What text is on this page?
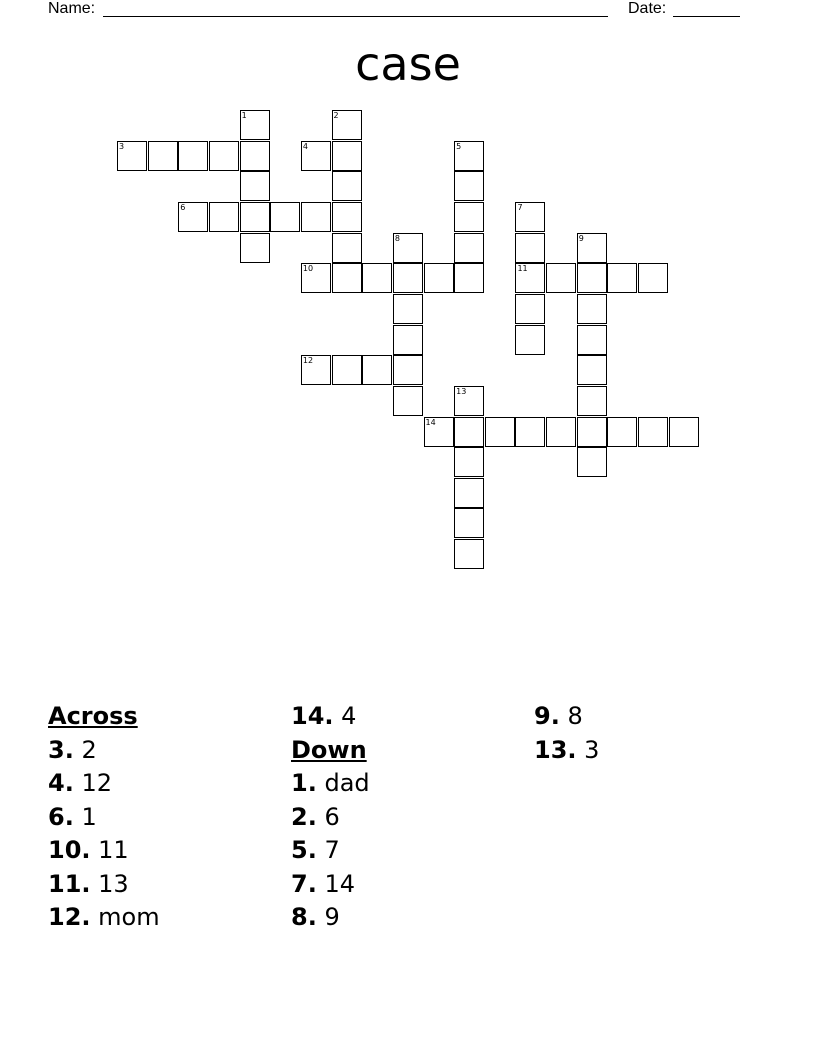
Name:	Date:
case
1	2
3	4	5
6	7
8	9
10	11
12
13
14
Across
3. 2
4. 12
6. 1
10. 11
11. 13
12. mom
14. 4
Down
1. dad
2. 6
5. 7
7. 14
8. 9
9. 8
13. 3
